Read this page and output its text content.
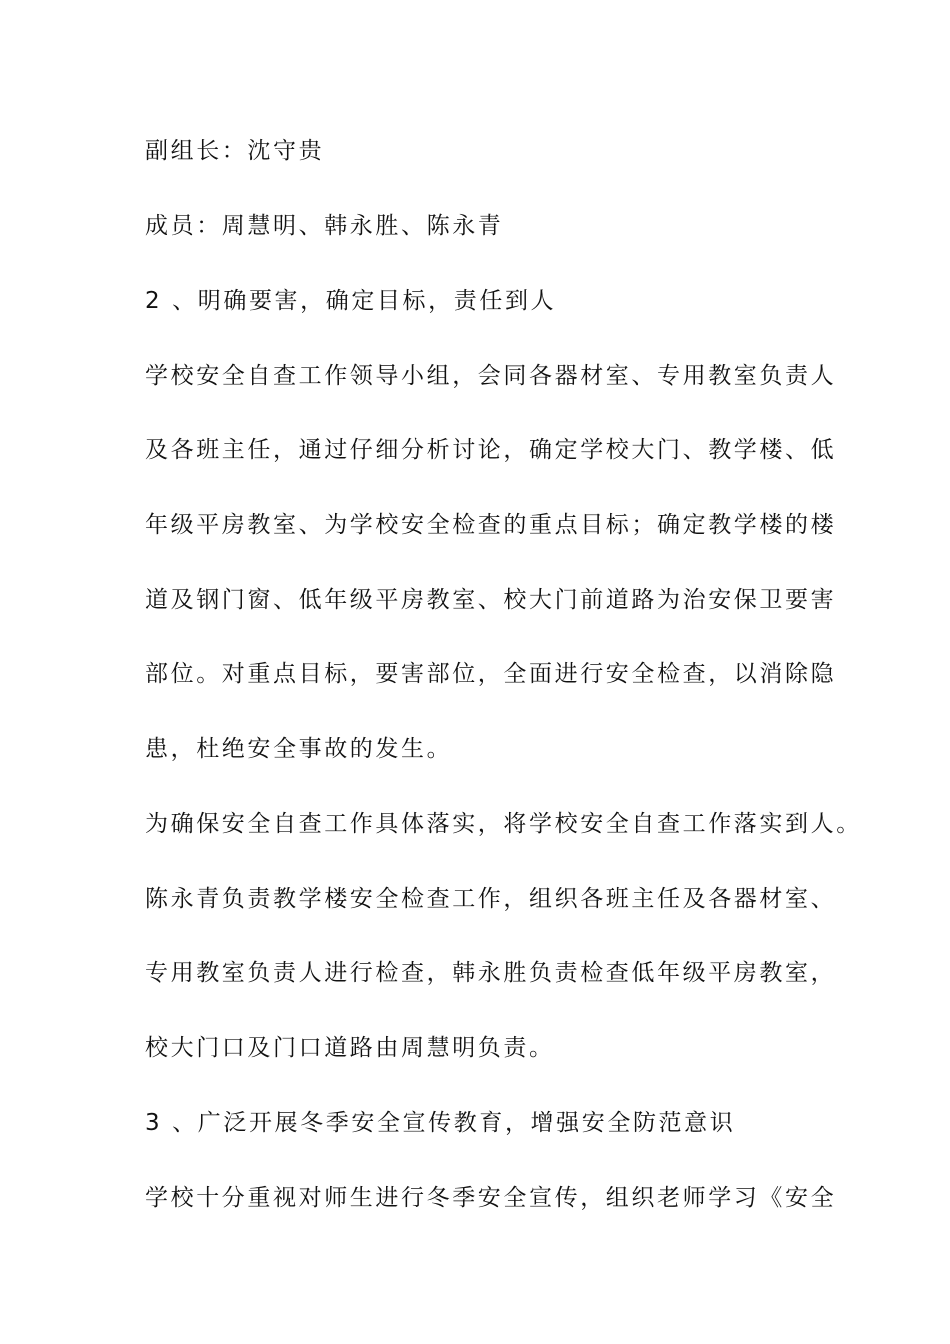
副组长：沈守贵
成员：周慧明、韩永胜、陈永青
2 、明确要害，确定目标，责任到人
学校安全自查工作领导小组，会同各器材室、专用教室负责人
及各班主任，通过仔细分析讨论，确定学校大门、教学楼、低
年级平房教室、为学校安全检查的重点目标；确定教学楼的楼
道及钢门窗、低年级平房教室、校大门前道路为治安保卫要害
部位。对重点目标，要害部位，全面进行安全检查，以消除隐
患，杜绝安全事故的发生。
为确保安全自查工作具体落实，将学校安全自查工作落实到人。
陈永青负责教学楼安全检查工作，组织各班主任及各器材室、
专用教室负责人进行检查，韩永胜负责检查低年级平房教室，
校大门口及门口道路由周慧明负责。
3 、广泛开展冬季安全宣传教育，增强安全防范意识
学校十分重视对师生进行冬季安全宣传，组织老师学习《安全
